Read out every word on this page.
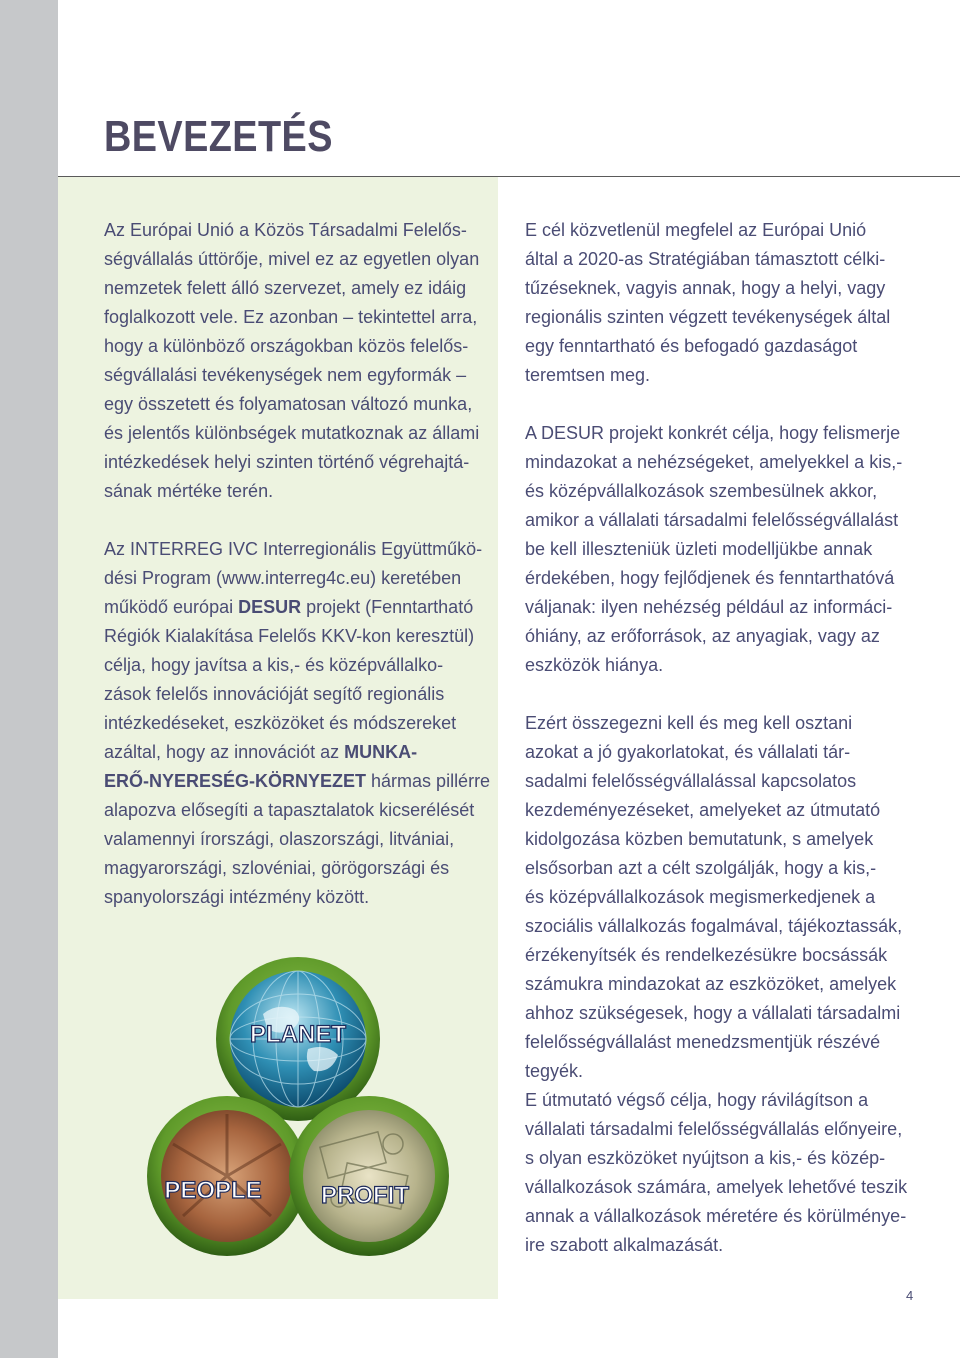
BEVEZETÉS

Az Európai Unió a Közös Társadalmi Felelős-
ségvállalás úttörője, mivel ez az egyetlen olyan
nemzetek felett álló szervezet, amely ez idáig
foglalkozott vele. Ez azonban – tekintettel arra,
hogy a különböző országokban közös felelős-
ségvállalási tevékenységek nem egyformák –
egy összetett és folyamatosan változó munka,
és jelentős különbségek mutatkoznak az állami
intézkedések helyi szinten történő végrehajtá-
sának mértéke terén.

Az INTERREG IVC Interregionális Együttműkö-
dési Program (www.interreg4c.eu) keretében
működő európai DESUR projekt (Fenntartható
Régiók Kialakítása Felelős KKV-kon keresztül)
célja, hogy javítsa a kis,- és középvállalko-
zások felelős innovációját segítő regionális
intézkedéseket, eszközöket és módszereket
azáltal, hogy az innovációt az MUNKA-
ERŐ-NYERESÉG-KÖRNYEZET hármas pillérre
alapozva elősegíti a tapasztalatok kicserélését
valamennyi írországi, olaszországi, litvániai,
magyarországi, szlovéniai, görögországi és
spanyolországi intézmény között.

E cél közvetlenül megfelel az Európai Unió
által a 2020-as Stratégiában támasztott célki-
tűzéseknek, vagyis annak, hogy a helyi, vagy
regionális szinten végzett tevékenységek által
egy fenntartható és befogadó gazdaságot
teremtsen meg.

A DESUR projekt konkrét célja, hogy felismerje
mindazokat a nehézségeket, amelyekkel a kis,-
és középvállalkozások szembesülnek akkor,
amikor a vállalati társadalmi felelősségvállalást
be kell illeszteniük üzleti modelljükbe annak
érdekében, hogy fejlődjenek és fenntarthatóvá
váljanak: ilyen nehézség például az informáci-
óhiány, az erőforrások, az anyagiak, vagy az
eszközök hiánya.

Ezért összegezni kell és meg kell osztani
azokat a jó gyakorlatokat, és vállalati tár-
sadalmi felelősségvállalással kapcsolatos
kezdeményezéseket, amelyeket az útmutató
kidolgozása közben bemutatunk, s amelyek
elsősorban azt a célt szolgálják, hogy a kis,-
és középvállalkozások megismerkedjenek a
szociális vállalkozás fogalmával, tájékoztassák,
érzékenyítsék és rendelkezésükre bocsássák
számukra mindazokat az eszközöket, amelyek
ahhoz szükségesek, hogy a vállalati társadalmi
felelősségvállalást menedzsmentjük részévé
tegyék.

E útmutató végső célja, hogy rávilágítson a
vállalati társadalmi felelősségvállalás előnyeire,
s olyan eszközöket nyújtson a kis,- és közép-
vállalkozások számára, amelyek lehetővé teszik
annak a vállalkozások méretére és körülménye-
ire szabott alkalmazását.

PLANET
PEOPLE PROFIT
4
